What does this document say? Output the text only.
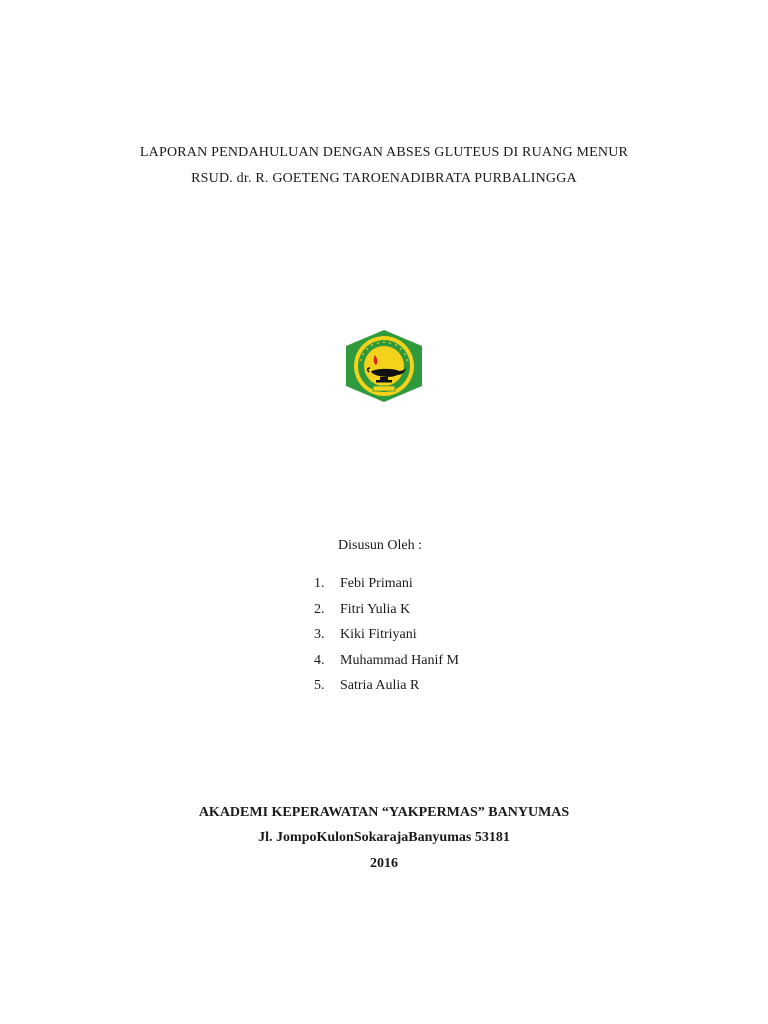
LAPORAN PENDAHULUAN DENGAN ABSES GLUTEUS DI RUANG MENUR
RSUD. dr. R. GOETENG TAROENADIBRATA PURBALINGGA
Disusun Oleh :
1. Febi Primani
2. Fitri Yulia K
3. Kiki Fitriyani
4. Muhammad Hanif M
5. Satria Aulia R
AKADEMI KEPERAWATAN “YAKPERMAS” BANYUMAS
Jl. JompoKulonSokarajaBanyumas 53181
2016
